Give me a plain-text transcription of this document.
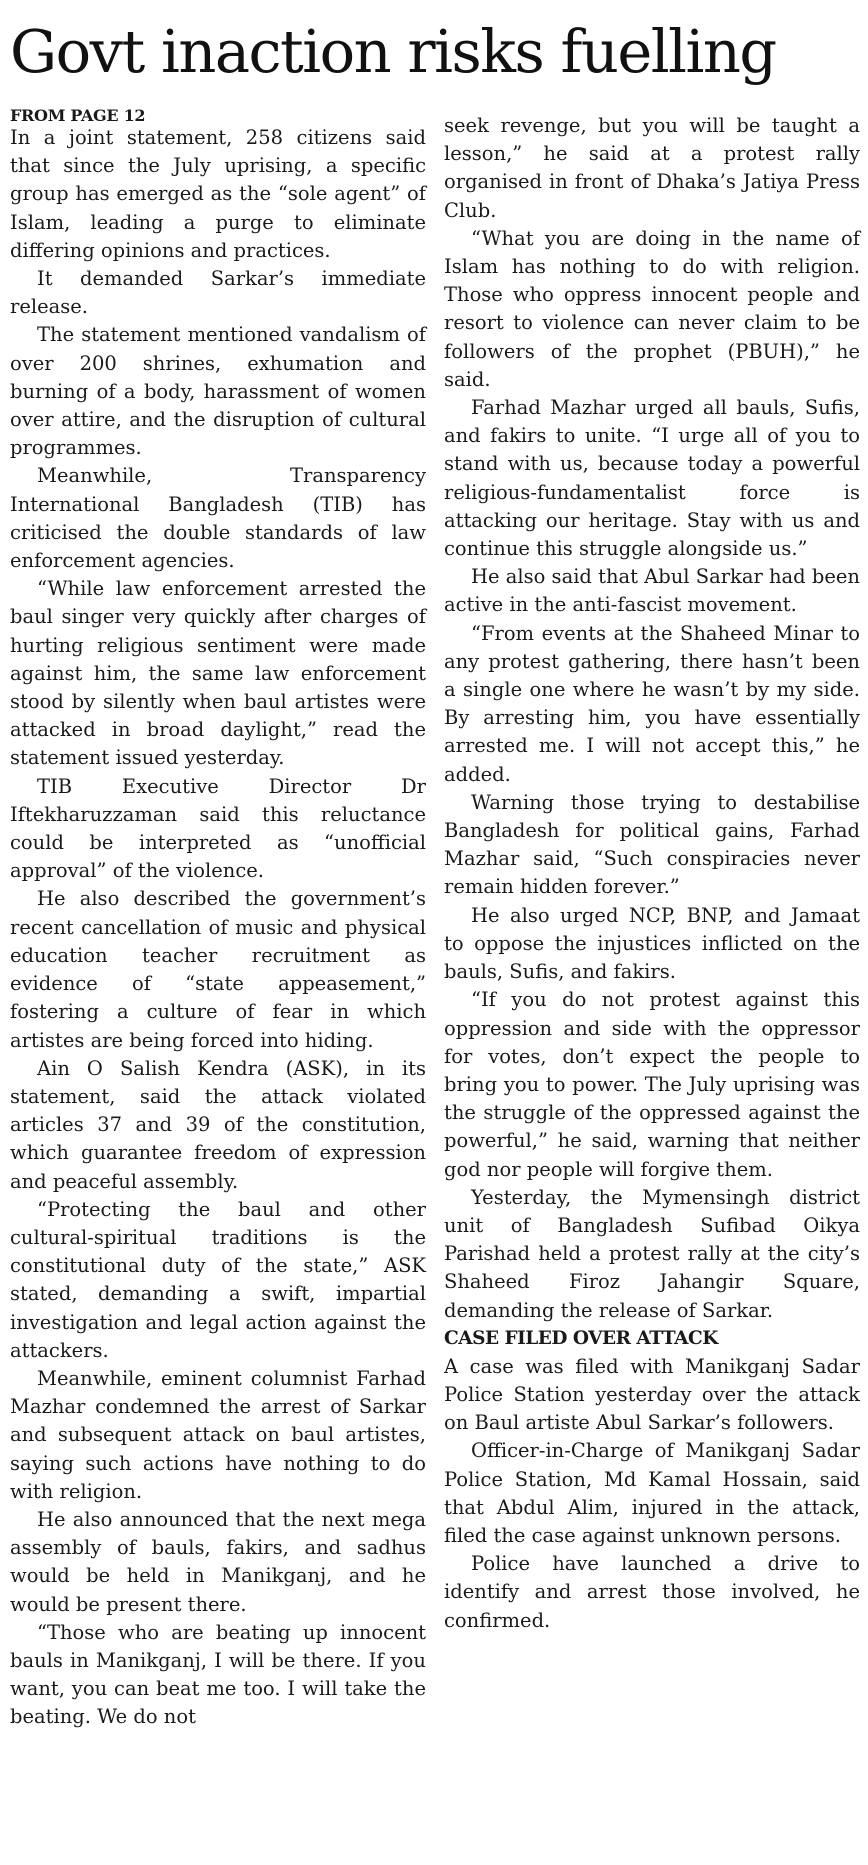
Govt inaction risks fuelling
FROM PAGE 12

In a joint statement, 258 citizens said that since the July uprising, a specific group has emerged as the “sole agent” of Islam, leading a purge to eliminate differing opinions and practices.

It demanded Sarkar’s immediate release.

The statement mentioned vandalism of over 200 shrines, exhumation and burning of a body, harassment of women over attire, and the disruption of cultural programmes.

Meanwhile, Transparency International Bangladesh (TIB) has criticised the double standards of law enforcement agencies.

“While law enforcement arrested the baul singer very quickly after charges of hurting religious sentiment were made against him, the same law enforcement stood by silently when baul artistes were attacked in broad daylight,” read the statement issued yesterday.

TIB Executive Director Dr Iftekharuzzaman said this reluctance could be interpreted as “unofficial approval” of the violence.

He also described the government’s recent cancellation of music and physical education teacher recruitment as evidence of “state appeasement,” fostering a culture of fear in which artistes are being forced into hiding.

Ain O Salish Kendra (ASK), in its statement, said the attack violated articles 37 and 39 of the constitution, which guarantee freedom of expression and peaceful assembly.

“Protecting the baul and other cultural-spiritual traditions is the constitutional duty of the state,” ASK stated, demanding a swift, impartial investigation and legal action against the attackers.

Meanwhile, eminent columnist Farhad Mazhar condemned the arrest of Sarkar and subsequent attack on baul artistes, saying such actions have nothing to do with religion.

He also announced that the next mega assembly of bauls, fakirs, and sadhus would be held in Manikganj, and he would be present there.

“Those who are beating up innocent bauls in Manikganj, I will be there. If you want, you can beat me too. I will take the beating. We do not

seek revenge, but you will be taught a lesson,” he said at a protest rally organised in front of Dhaka’s Jatiya Press Club.

“What you are doing in the name of Islam has nothing to do with religion. Those who oppress innocent people and resort to violence can never claim to be followers of the prophet (PBUH),” he said.

Farhad Mazhar urged all bauls, Sufis, and fakirs to unite. “I urge all of you to stand with us, because today a powerful religious-fundamentalist force is attacking our heritage. Stay with us and continue this struggle alongside us.”

He also said that Abul Sarkar had been active in the anti-fascist movement.

“From events at the Shaheed Minar to any protest gathering, there hasn’t been a single one where he wasn’t by my side. By arresting him, you have essentially arrested me. I will not accept this,” he added.

Warning those trying to destabilise Bangladesh for political gains, Farhad Mazhar said, “Such conspiracies never remain hidden forever.”

He also urged NCP, BNP, and Jamaat to oppose the injustices inflicted on the bauls, Sufis, and fakirs.

“If you do not protest against this oppression and side with the oppressor for votes, don’t expect the people to bring you to power. The July uprising was the struggle of the oppressed against the powerful,” he said, warning that neither god nor people will forgive them.

Yesterday, the Mymensingh district unit of Bangladesh Sufibad Oikya Parishad held a protest rally at the city’s Shaheed Firoz Jahangir Square, demanding the release of Sarkar.

CASE FILED OVER ATTACK

A case was filed with Manikganj Sadar Police Station yesterday over the attack on Baul artiste Abul Sarkar’s followers.

Officer-in-Charge of Manikganj Sadar Police Station, Md Kamal Hossain, said that Abdul Alim, injured in the attack, filed the case against unknown persons.

Police have launched a drive to identify and arrest those involved, he confirmed.
